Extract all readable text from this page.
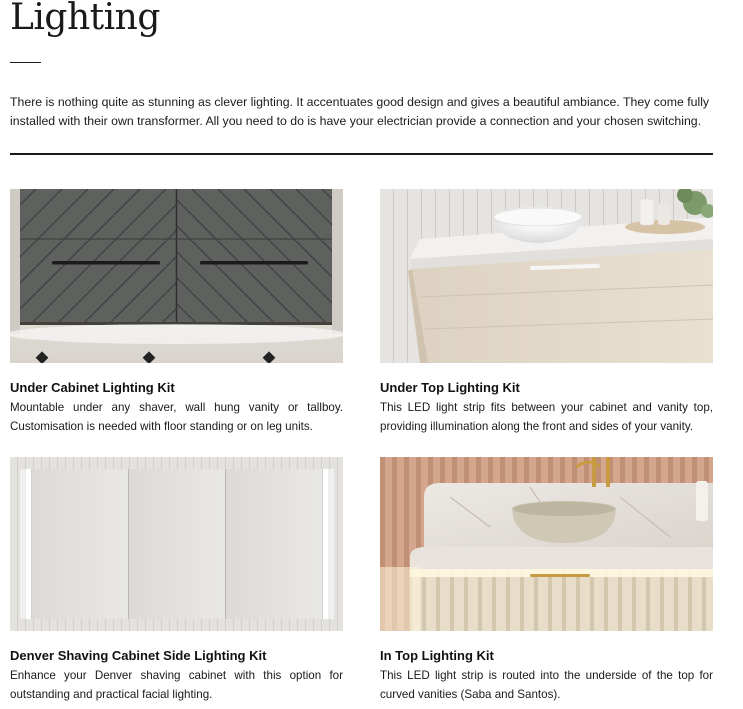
Lighting

There is nothing quite as stunning as clever lighting. It accentuates good design and gives a beautiful ambiance. They come fully installed with their own transformer. All you need to do is have your electrician provide a connection and your chosen switching.

Under Cabinet Lighting Kit
Mountable under any shaver, wall hung vanity or tallboy. Customisation is needed with floor standing or on leg units.
Under Top Lighting Kit
This LED light strip fits between your cabinet and vanity top, providing illumination along the front and sides of your vanity.
Denver Shaving Cabinet Side Lighting Kit
Enhance your Denver shaving cabinet with this option for outstanding and practical facial lighting.
In Top Lighting Kit
This LED light strip is routed into the underside of the top for curved vanities (Saba and Santos).
